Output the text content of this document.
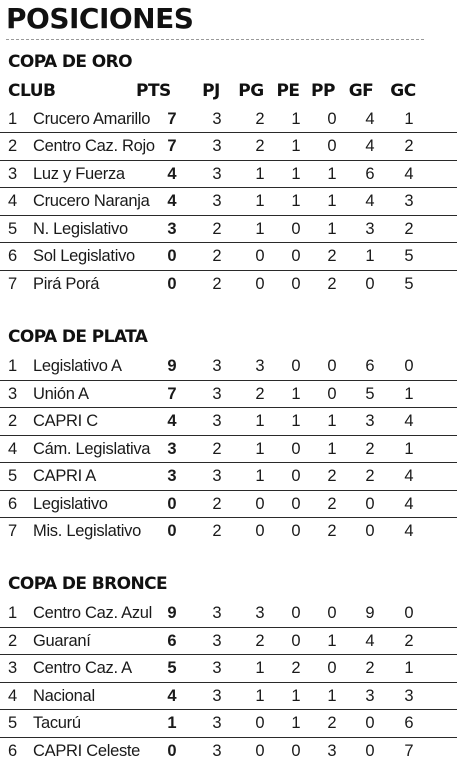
POSICIONES
COPA DE ORO
CLUB	PTS	PJ	PG PE PP GF	GC
1 Crucero Amarillo	7	3	2	1	0	4	1
2 Centro Caz. Rojo 7	3	2	1	0	4	2
3 Luz y Fuerza	4	3	1	1	1	6	4
4 Crucero Naranja	4	3	1	1	1	4	3
5 N. Legislativo	3	2	1	0	1	3	2
6 Sol Legislativo	0	2	0	0	2	1	5
7 Pirá Porá	0	2	0	0	2	0	5
COPA DE PLATA
1 Legislativo A	9	3	3	0	0	6	0
3 Unión A	7	3	2	1	0	5	1
2 CAPRI C	4	3	1	1	1	3	4
4 Cám. Legislativa	3	2	1	0	1	2	1
5 CAPRI A	3	3	1	0	2	2	4
6 Legislativo	0	2	0	0	2	0	4
7 Mis. Legislativo	0	2	0	0	2	0	4
COPA DE BRONCE
1 Centro Caz. Azul 9	3	3	0	0	9	0
2 Guaraní	6	3	2	0	1	4	2
3 Centro Caz. A	5	3	1	2	0	2	1
4 Nacional	4	3	1	1	1	3	3
5 Tacurú	1	3	0	1	2	0	6
6 CAPRI Celeste	0	3	0	0	3	0	7
